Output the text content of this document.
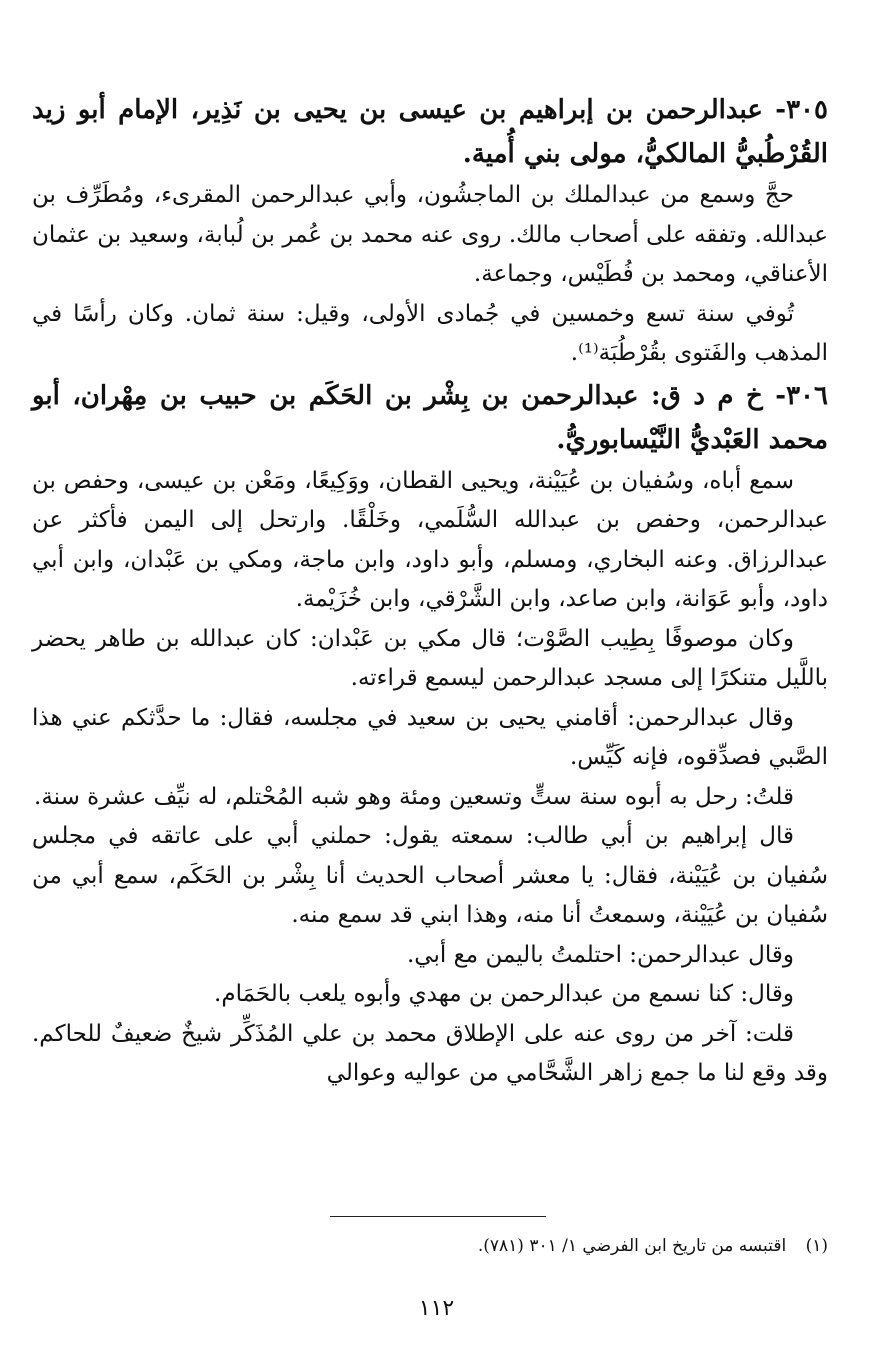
٣٠٥- عبدالرحمن بن إبراهيم بن عيسى بن يحيى بن نَذِير، الإمام أبو زيد القُرْطُبيُّ المالكيُّ، مولى بني أُمية.

حجَّ وسمع من عبدالملك بن الماجشُون، وأبي عبدالرحمن المقرىء، ومُطَرِّف بن عبدالله. وتفقه على أصحاب مالك. روى عنه محمد بن عُمر بن لُبابة، وسعيد بن عثمان الأعناقي، ومحمد بن فُطَيْس، وجماعة.

تُوفي سنة تسع وخمسين في جُمادى الأولى، وقيل: سنة ثمان. وكان رأسًا في المذهب والفَتوى بقُرْطُبَة⁽¹⁾.

٣٠٦- خ م د ق: عبدالرحمن بن بِشْر بن الحَكَم بن حبيب بن مِهْران، أبو محمد العَبْديُّ النَّيْسابوريُّ.

سمع أباه، وسُفيان بن عُيَيْنة، ويحيى القطان، ووَكِيعًا، ومَعْن بن عيسى، وحفص بن عبدالرحمن، وحفص بن عبدالله السُّلَمي، وخَلْقًا. وارتحل إلى اليمن فأكثر عن عبدالرزاق. وعنه البخاري، ومسلم، وأبو داود، وابن ماجة، ومكي بن عَبْدان، وابن أبي داود، وأبو عَوَانة، وابن صاعد، وابن الشَّرْقي، وابن خُزَيْمة.

وكان موصوفًا بِطِيب الصَّوْت؛ قال مكي بن عَبْدان: كان عبدالله بن طاهر يحضر باللَّيل متنكرًا إلى مسجد عبدالرحمن ليسمع قراءته.

وقال عبدالرحمن: أقامني يحيى بن سعيد في مجلسه، فقال: ما حدَّثكم عني هذا الصَّبي فصدِّقوه، فإنه كَيِّس.

قلتُ: رحل به أبوه سنة ستٍّ وتسعين ومئة وهو شبه المُحْتلم، له نيِّف عشرة سنة.

قال إبراهيم بن أبي طالب: سمعته يقول: حملني أبي على عاتقه في مجلس سُفيان بن عُيَيْنة، فقال: يا معشر أصحاب الحديث أنا بِشْر بن الحَكَم، سمع أبي من سُفيان بن عُيَيْنة، وسمعتُ أنا منه، وهذا ابني قد سمع منه.

وقال عبدالرحمن: احتلمتُ باليمن مع أبي.

وقال: كنا نسمع من عبدالرحمن بن مهدي وأبوه يلعب بالحَمَام.

قلت: آخر من روى عنه على الإطلاق محمد بن علي المُذَكِّر شيخٌ ضعيفٌ للحاكم. وقد وقع لنا ما جمع زاهر الشَّحَّامي من عواليه وعوالي

(١) اقتبسه من تاريخ ابن الفرضي ١/ ٣٠١ (٧٨١).
١١٢
